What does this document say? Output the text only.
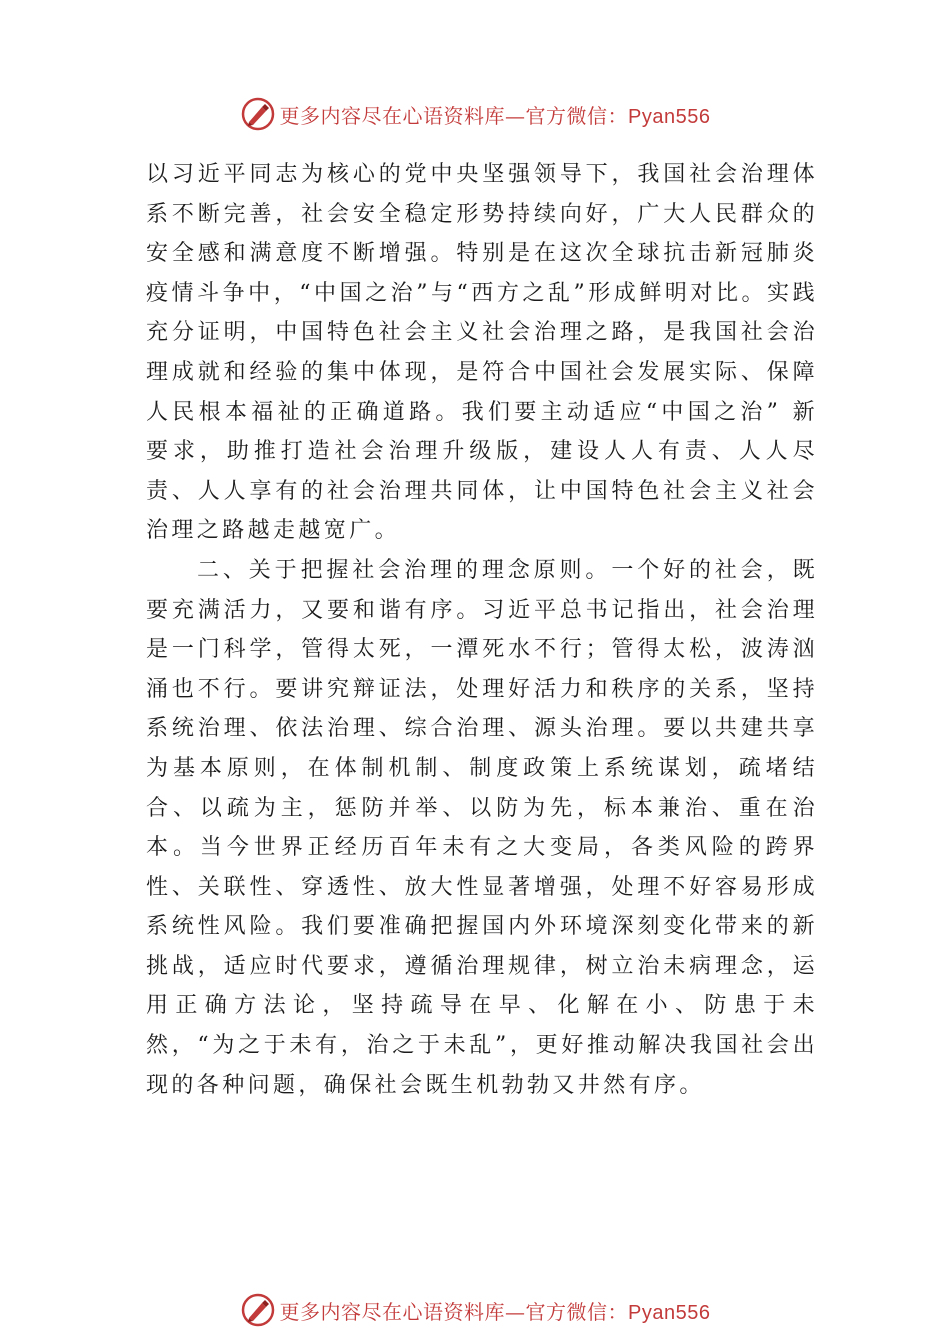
更多内容尽在心语资料库—官方微信：Pyan556

以习近平同志为核心的党中央坚强领导下，我国社会治理体系不断完善，社会安全稳定形势持续向好，广大人民群众的安全感和满意度不断增强。特别是在这次全球抗击新冠肺炎疫情斗争中，“中国之治”与“西方之乱”形成鲜明对比。实践充分证明，中国特色社会主义社会治理之路，是我国社会治理成就和经验的集中体现，是符合中国社会发展实际、保障人民根本福祉的正确道路。我们要主动适应“中国之治” 新要求，助推打造社会治理升级版，建设人人有责、人人尽责、人人享有的社会治理共同体，让中国特色社会主义社会治理之路越走越宽广。

二、关于把握社会治理的理念原则。一个好的社会，既要充满活力，又要和谐有序。习近平总书记指出，社会治理是一门科学，管得太死，一潭死水不行；管得太松，波涛汹涌也不行。要讲究辩证法，处理好活力和秩序的关系，坚持系统治理、依法治理、综合治理、源头治理。要以共建共享为基本原则，在体制机制、制度政策上系统谋划，疏堵结合、以疏为主，惩防并举、以防为先，标本兼治、重在治本。当今世界正经历百年未有之大变局，各类风险的跨界性、关联性、穿透性、放大性显著增强，处理不好容易形成系统性风险。我们要准确把握国内外环境深刻变化带来的新挑战，适应时代要求，遵循治理规律，树立治未病理念，运用正确方法论，坚持疏导在早、化解在小、防患于未然，“为之于未有，治之于未乱”，更好推动解决我国社会出现的各种问题，确保社会既生机勃勃又井然有序。

更多内容尽在心语资料库—官方微信：Pyan556
